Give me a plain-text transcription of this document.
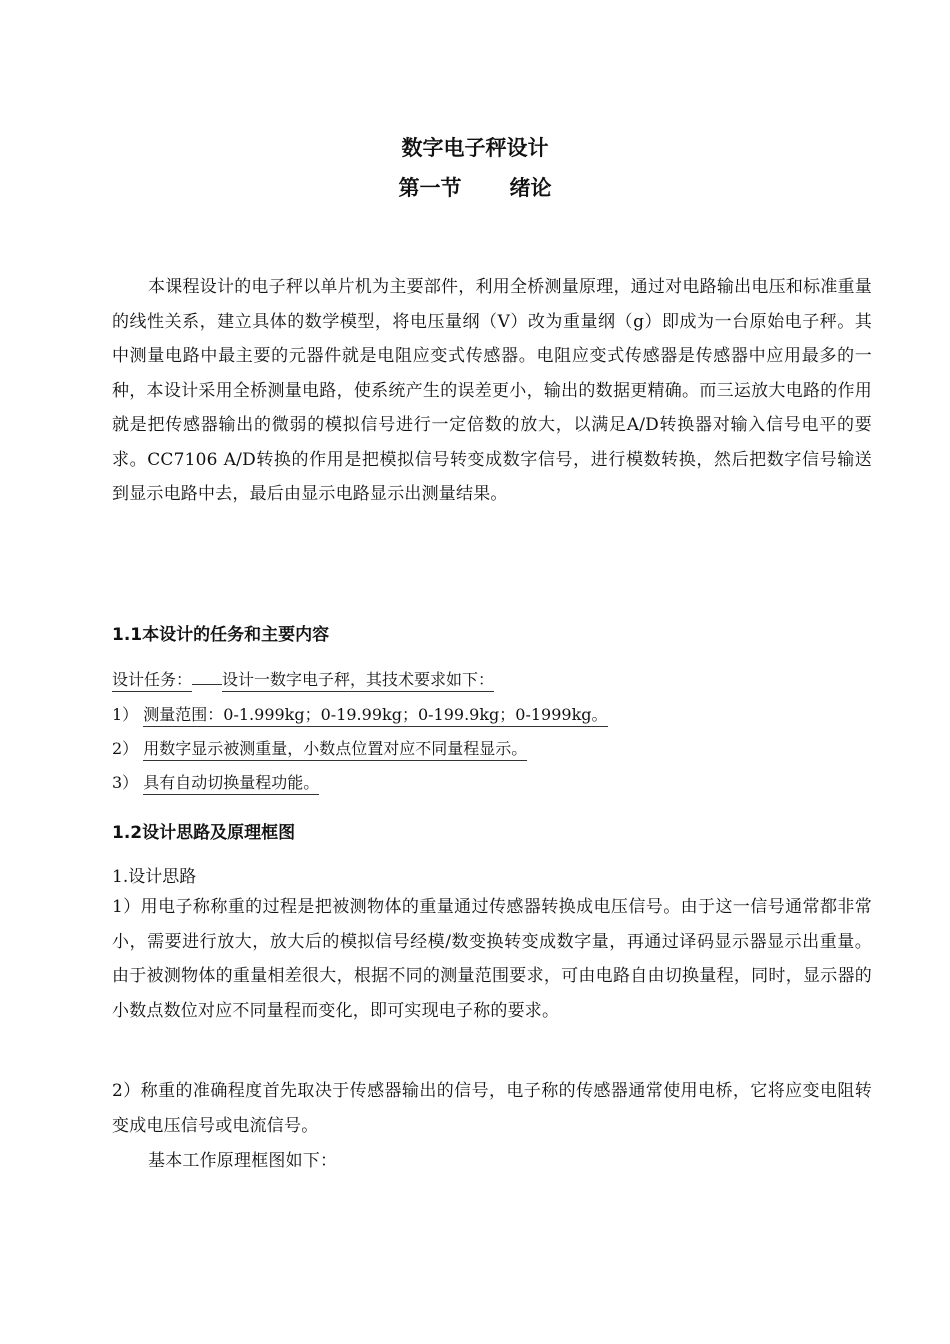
数字电子秤设计
第一节 绪论
本课程设计的电子秤以单片机为主要部件，利用全桥测量原理，通过对电路输出电压和标准重量的线性关系，建立具体的数学模型，将电压量纲（V）改为重量纲（g）即成为一台原始电子秤。其中测量电路中最主要的元器件就是电阻应变式传感器。电阻应变式传感器是传感器中应用最多的一种，本设计采用全桥测量电路，使系统产生的误差更小，输出的数据更精确。而三运放大电路的作用就是把传感器输出的微弱的模拟信号进行一定倍数的放大，以满足A/D转换器对输入信号电平的要求。CC7106 A/D转换的作用是把模拟信号转变成数字信号，进行模数转换，然后把数字信号输送到显示电路中去，最后由显示电路显示出测量结果。
1.1本设计的任务和主要内容
设计任务： 设计一数字电子秤，其技术要求如下：
1） 测量范围：0-1.999kg；0-19.99kg；0-199.9kg；0-1999kg。
2） 用数字显示被测重量，小数点位置对应不同量程显示。
3） 具有自动切换量程功能。
1.2设计思路及原理框图
1.设计思路
1）用电子称称重的过程是把被测物体的重量通过传感器转换成电压信号。由于这一信号通常都非常小，需要进行放大，放大后的模拟信号经模/数变换转变成数字量，再通过译码显示器显示出重量。由于被测物体的重量相差很大，根据不同的测量范围要求，可由电路自由切换量程，同时，显示器的小数点数位对应不同量程而变化，即可实现电子称的要求。
2）称重的准确程度首先取决于传感器输出的信号，电子称的传感器通常使用电桥，它将应变电阻转变成电压信号或电流信号。
基本工作原理框图如下：
